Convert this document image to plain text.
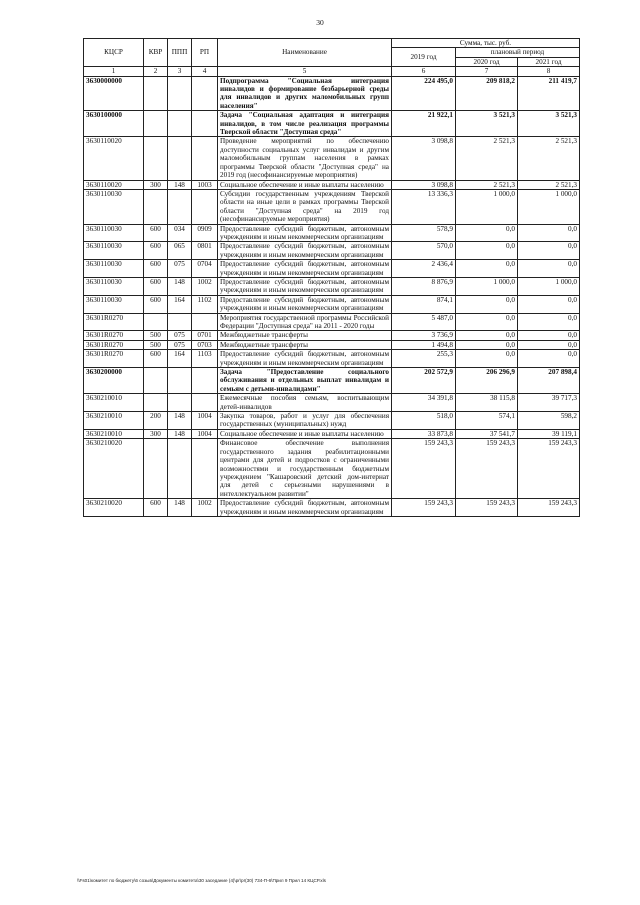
30
КЦСР	КВР	ППП	РП	Наименование	Сумма, тыс. руб.		
					2019 год	плановый период	
						2020 год	2021 год
1	2	3	4	5	6	7	8
3630000000				Подпрограмма "Социальная интеграция инвалидов и формирование безбарьерной среды для инвалидов и других маломобильных групп населения"	224 495,0	209 818,2	211 419,7
3630100000				Задача "Социальная адаптация и интеграция инвалидов, в том числе реализация программы Тверской области "Доступная среда"	21 922,1	3 521,3	3 521,3
3630110020				Проведение мероприятий по обеспечению доступности социальных услуг инвалидам и другим маломобильным группам населения в рамках программы Тверской области "Доступная среда" на 2019 год (несофинансируемые мероприятия)	3 098,8	2 521,3	2 521,3
3630110020	300	148	1003	Социальное обеспечение и иные выплаты населению	3 098,8	2 521,3	2 521,3
3630110030				Субсидии государственным учреждениям Тверской области на иные цели в рамках программы Тверской области "Доступная среда" на 2019 год (несофинансируемые мероприятия)	13 336,3	1 000,0	1 000,0
3630110030	600	034	0909	Предоставление субсидий бюджетным, автономным учреждениям и иным некоммерческим организациям	578,9	0,0	0,0
3630110030	600	065	0801	Предоставление субсидий бюджетным, автономным учреждениям и иным некоммерческим организациям	570,0	0,0	0,0
3630110030	600	075	0704	Предоставление субсидий бюджетным, автономным учреждениям и иным некоммерческим организациям	2 436,4	0,0	0,0
3630110030	600	148	1002	Предоставление субсидий бюджетным, автономным учреждениям и иным некоммерческим организациям	8 876,9	1 000,0	1 000,0
3630110030	600	164	1102	Предоставление субсидий бюджетным, автономным учреждениям и иным некоммерческим организациям	874,1	0,0	0,0
36301R0270				Мероприятия государственной программы Российской Федерации "Доступная среда" на 2011 - 2020 годы	5 487,0	0,0	0,0
36301R0270	500	075	0701	Межбюджетные трансферты	3 736,9	0,0	0,0
36301R0270	500	075	0703	Межбюджетные трансферты	1 494,8	0,0	0,0
36301R0270	600	164	1103	Предоставление субсидий бюджетным, автономным учреждениям и иным некоммерческим организациям	255,3	0,0	0,0
3630200000				Задача "Предоставление социального обслуживания и отдельных выплат инвалидам и семьям с детьми-инвалидами"	202 572,9	206 296,9	207 898,4
3630210010				Ежемесячные пособия семьям, воспитывающим детей-инвалидов	34 391,8	38 115,8	39 717,3
3630210010	200	148	1004	Закупка товаров, работ и услуг для обеспечения государственных (муниципальных) нужд	518,0	574,1	598,2
3630210010	300	148	1004	Социальное обеспечение и иные выплаты населению	33 873,8	37 541,7	39 119,1
3630210020				Финансовое обеспечение выполнения государственного задания реабилитационными центрами для детей и подростков с ограниченными возможностями и государственным бюджетным учреждением "Кашаровский детский дом-интернат для детей с серьезными нарушениями в интеллектуальном развитии"	159 243,3	159 243,3	159 243,3
3630210020	600	148	1002	Предоставление субсидий бюджетным, автономным учреждениям и иным некоммерческим организациям	159 243,3	159 243,3	159 243,3
\\Fs01\комитет по бюджету\6 созыв\Документы комитета\30 заседание (4)\pr\pr(30) 734-П-6\Прил 9 Прил 14 КЦСР.xls
